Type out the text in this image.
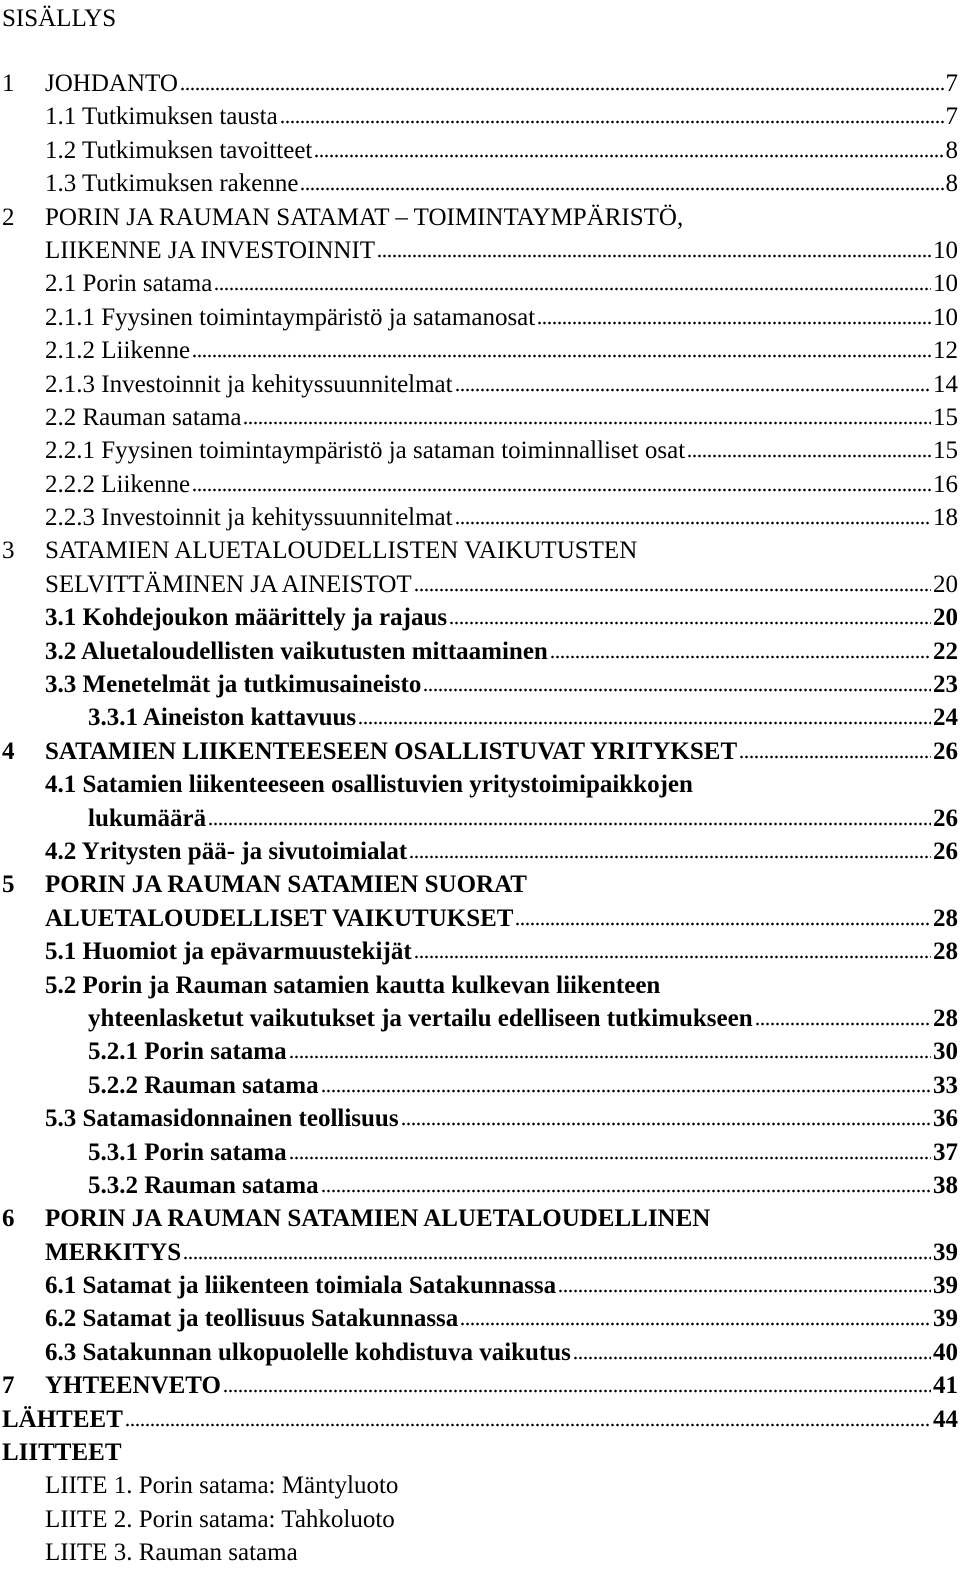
SISÄLLYS
1 JOHDANTO	7
1.1 Tutkimuksen tausta	7
1.2 Tutkimuksen tavoitteet	8
1.3 Tutkimuksen rakenne	8
2 PORIN JA RAUMAN SATAMAT – TOIMINTAYMPÄRISTÖ,
LIIKENNE JA INVESTOINNIT	10
2.1 Porin satama	10
2.1.1 Fyysinen toimintaympäristö ja satamanosat	10
2.1.2 Liikenne	12
2.1.3 Investoinnit ja kehityssuunnitelmat	14
2.2 Rauman satama	15
2.2.1 Fyysinen toimintaympäristö ja sataman toiminnalliset osat	15
2.2.2 Liikenne	16
2.2.3 Investoinnit ja kehityssuunnitelmat	18
3 SATAMIEN ALUETALOUDELLISTEN VAIKUTUSTEN
SELVITTÄMINEN JA AINEISTOT	20
3.1 Kohdejoukon määrittely ja rajaus	20
3.2 Aluetaloudellisten vaikutusten mittaaminen	22
3.3 Menetelmät ja tutkimusaineisto	23
3.3.1 Aineiston kattavuus	24
4 SATAMIEN LIIKENTEESEEN OSALLISTUVAT YRITYKSET	26
4.1 Satamien liikenteeseen osallistuvien yritystoimipaikkojen
lukumäärä	26
4.2 Yritysten pää- ja sivutoimialat	26
5 PORIN JA RAUMAN SATAMIEN SUORAT
ALUETALOUDELLISET VAIKUTUKSET	28
5.1 Huomiot ja epävarmuustekijät	28
5.2 Porin ja Rauman satamien kautta kulkevan liikenteen
yhteenlasketut vaikutukset ja vertailu edelliseen tutkimukseen	28
5.2.1 Porin satama	30
5.2.2 Rauman satama	33
5.3 Satamasidonnainen teollisuus	36
5.3.1 Porin satama	37
5.3.2 Rauman satama	38
6 PORIN JA RAUMAN SATAMIEN ALUETALOUDELLINEN
MERKITYS	39
6.1 Satamat ja liikenteen toimiala Satakunnassa	39
6.2 Satamat ja teollisuus Satakunnassa	39
6.3 Satakunnan ulkopuolelle kohdistuva vaikutus	40
7 YHTEENVETO	41
LÄHTEET	44
LIITTEET
LIITE 1. Porin satama: Mäntyluoto
LIITE 2. Porin satama: Tahkoluoto
LIITE 3. Rauman satama
